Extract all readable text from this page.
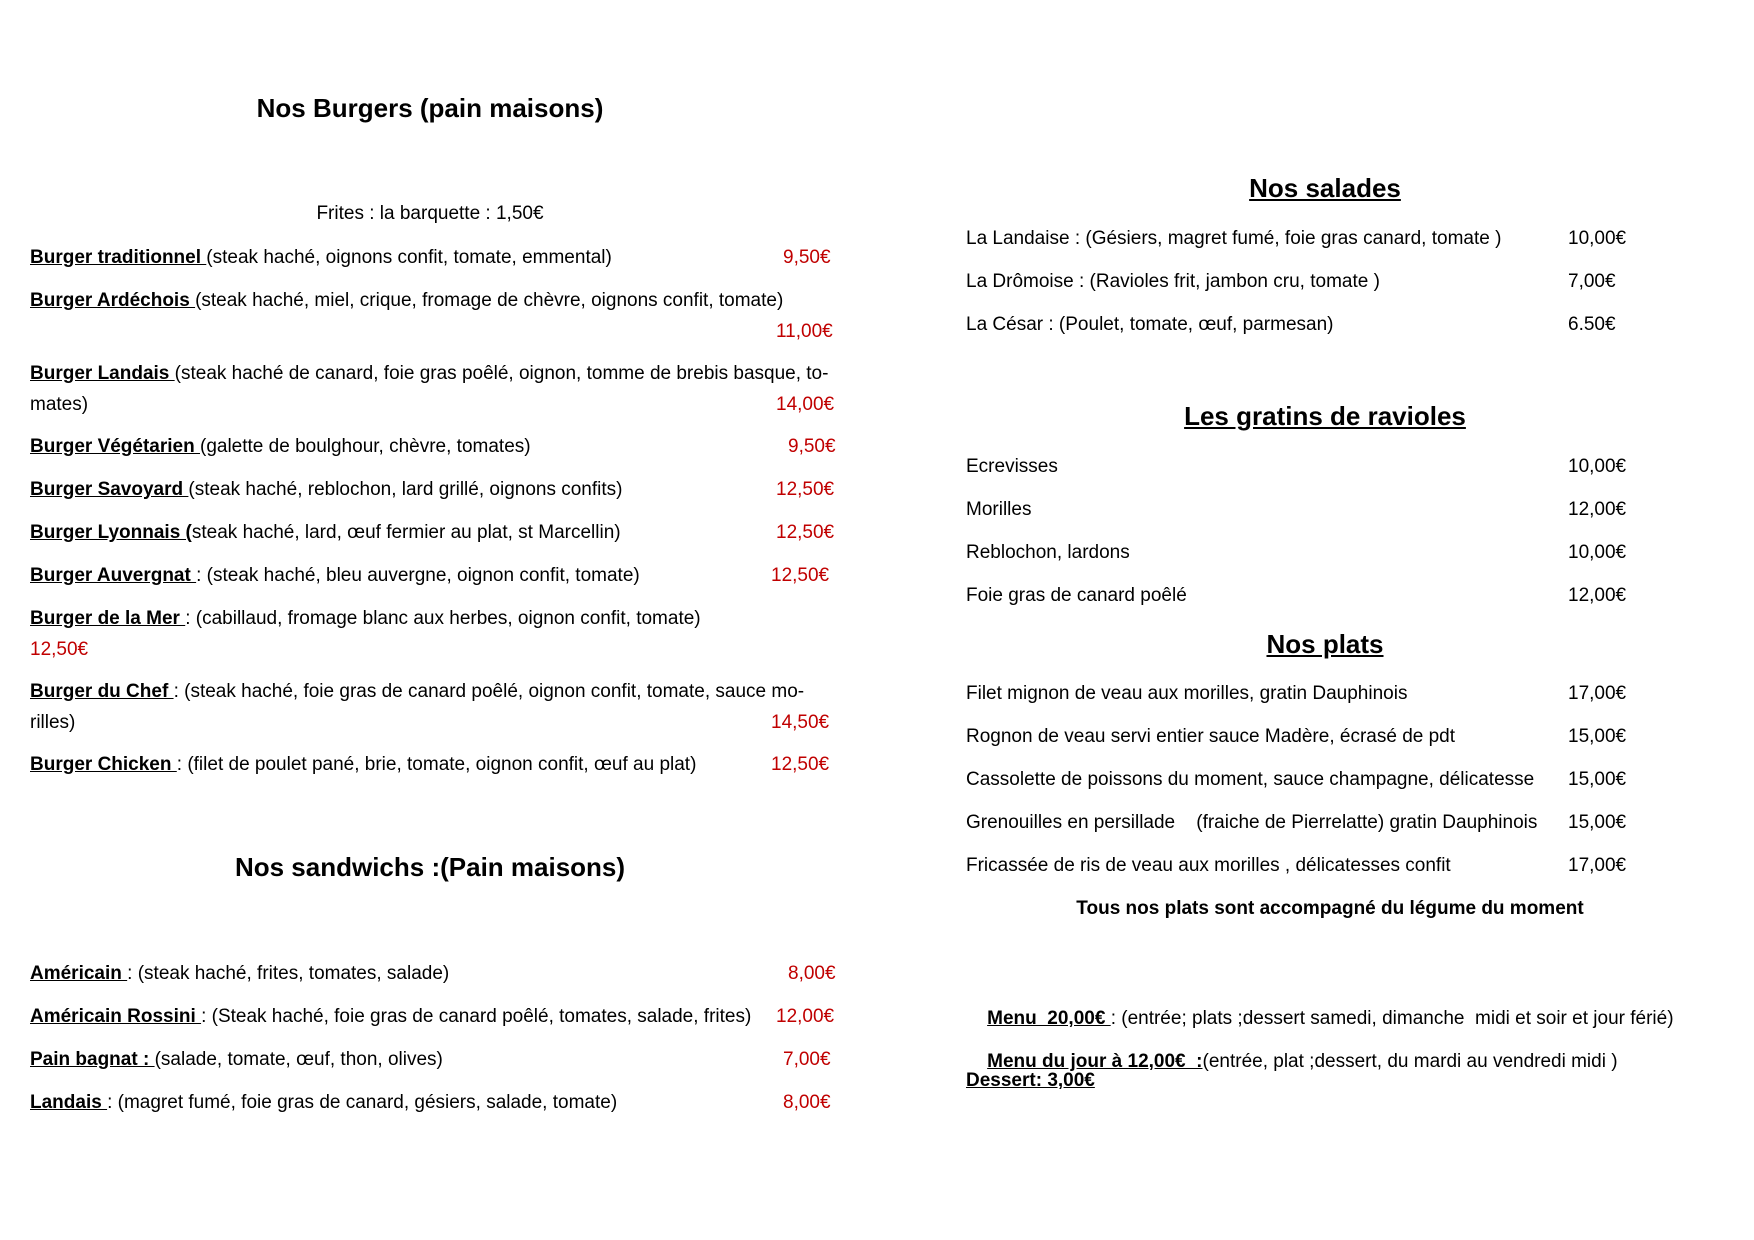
Nos Burgers (pain maisons)
Frites : la barquette : 1,50€
Burger traditionnel (steak haché, oignons confit, tomate, emmental)	9,50€
Burger Ardéchois (steak haché, miel, crique, fromage de chèvre, oignons confit, tomate)
11,00€
Burger Landais (steak haché de canard, foie gras poêlé, oignon, tomme de brebis basque, to-
mates)	14,00€
Burger Végétarien (galette de boulghour, chèvre, tomates)	9,50€
Burger Savoyard (steak haché, reblochon, lard grillé, oignons confits)	12,50€
Burger Lyonnais (steak haché, lard, œuf fermier au plat, st Marcellin)	12,50€
Burger Auvergnat : (steak haché, bleu auvergne, oignon confit, tomate)	12,50€
Burger de la Mer : (cabillaud, fromage blanc aux herbes, oignon confit, tomate)
12,50€
Burger du Chef : (steak haché, foie gras de canard poêlé, oignon confit, tomate, sauce mo-
rilles)	14,50€
Burger Chicken : (filet de poulet pané, brie, tomate, oignon confit, œuf au plat)	12,50€
Nos sandwichs :(Pain maisons)
Américain : (steak haché, frites, tomates, salade)	8,00€
Américain Rossini : (Steak haché, foie gras de canard poêlé, tomates, salade, frites) 12,00€
Pain bagnat : (salade, tomate, œuf, thon, olives)	7,00€
Landais : (magret fumé, foie gras de canard, gésiers, salade, tomate)	8,00€
Nos salades
La Landaise : (Gésiers, magret fumé, foie gras canard, tomate )	10,00€
La Drômoise : (Ravioles frit, jambon cru, tomate )	7,00€
La César : (Poulet, tomate, œuf, parmesan)	6.50€
Les gratins de ravioles
Ecrevisses	10,00€
Morilles	12,00€
Reblochon, lardons	10,00€
Foie gras de canard poêlé	12,00€
Nos plats
Filet mignon de veau aux morilles, gratin Dauphinois	17,00€
Rognon de veau servi entier sauce Madère, écrasé de pdt	15,00€
Cassolette de poissons du moment, sauce champagne, délicatesse 15,00€
Grenouilles en persillade    (fraiche de Pierrelatte) gratin Dauphinois 15,00€
Fricassée de ris de veau aux morilles , délicatesses confit	17,00€
Tous nos plats sont accompagné du légume du moment

Menu  20,00€ : (entrée; plats ;dessert samedi, dimanche  midi et soir et jour férié)

Menu du jour à 12,00€  :(entrée, plat ;dessert, du mardi au vendredi midi )

Dessert: 3,00€
